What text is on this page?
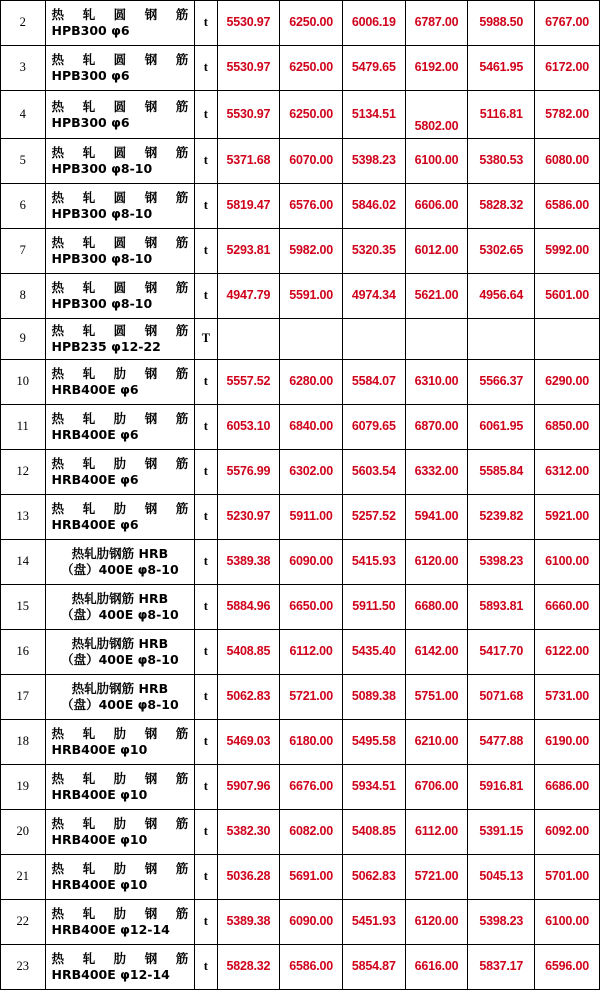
2	热轧圆钢筋
HPB300 φ6	t	5530.97	6250.00	6006.19	6787.00	5988.50	6767.00
3	热轧圆钢筋
HPB300 φ6	t	5530.97	6250.00	5479.65	6192.00	5461.95	6172.00
4	热轧圆钢筋
HPB300 φ6	t	5530.97	6250.00	5134.51	5802.00	5116.81	5782.00
5	热轧圆钢筋
HPB300 φ8-10	t	5371.68	6070.00	5398.23	6100.00	5380.53	6080.00
6	热轧圆钢筋
HPB300 φ8-10	t	5819.47	6576.00	5846.02	6606.00	5828.32	6586.00
7	热轧圆钢筋
HPB300 φ8-10	t	5293.81	5982.00	5320.35	6012.00	5302.65	5992.00
8	热轧圆钢筋
HPB300 φ8-10	t	4947.79	5591.00	4974.34	5621.00	4956.64	5601.00
9	热轧圆钢筋
HPB235 φ12-22	T						
10	热轧肋钢筋
HRB400E φ6	t	5557.52	6280.00	5584.07	6310.00	5566.37	6290.00
11	热轧肋钢筋
HRB400E φ6	t	6053.10	6840.00	6079.65	6870.00	6061.95	6850.00
12	热轧肋钢筋
HRB400E φ6	t	5576.99	6302.00	5603.54	6332.00	5585.84	6312.00
13	热轧肋钢筋
HRB400E φ6	t	5230.97	5911.00	5257.52	5941.00	5239.82	5921.00
14	热轧肋钢筋 HRB
（盘）400E φ8-10	t	5389.38	6090.00	5415.93	6120.00	5398.23	6100.00
15	热轧肋钢筋 HRB
（盘）400E φ8-10	t	5884.96	6650.00	5911.50	6680.00	5893.81	6660.00
16	热轧肋钢筋 HRB
（盘）400E φ8-10	t	5408.85	6112.00	5435.40	6142.00	5417.70	6122.00
17	热轧肋钢筋 HRB
（盘）400E φ8-10	t	5062.83	5721.00	5089.38	5751.00	5071.68	5731.00
18	热轧肋钢筋
HRB400E φ10	t	5469.03	6180.00	5495.58	6210.00	5477.88	6190.00
19	热轧肋钢筋
HRB400E φ10	t	5907.96	6676.00	5934.51	6706.00	5916.81	6686.00
20	热轧肋钢筋
HRB400E φ10	t	5382.30	6082.00	5408.85	6112.00	5391.15	6092.00
21	热轧肋钢筋
HRB400E φ10	t	5036.28	5691.00	5062.83	5721.00	5045.13	5701.00
22	热轧肋钢筋
HRB400E φ12-14	t	5389.38	6090.00	5451.93	6120.00	5398.23	6100.00
23	热轧肋钢筋
HRB400E φ12-14	t	5828.32	6586.00	5854.87	6616.00	5837.17	6596.00
